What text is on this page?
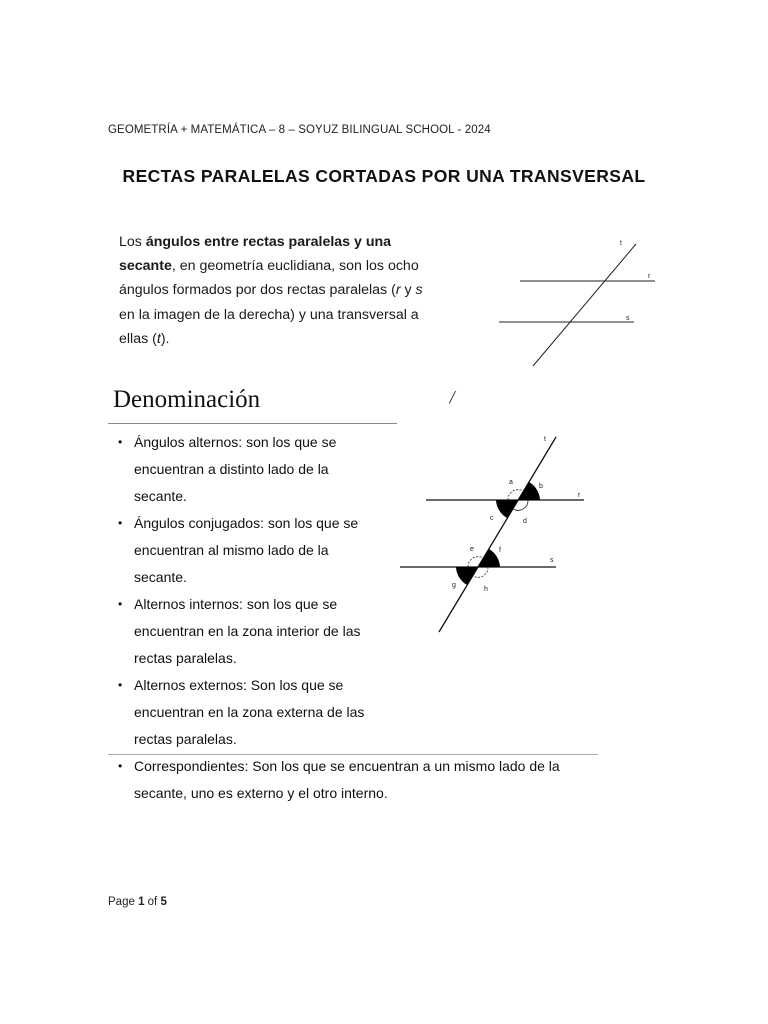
GEOMETRÍA + MATEMÁTICA – 8 – SOYUZ BILINGUAL SCHOOL - 2024
RECTAS PARALELAS CORTADAS POR UNA TRANSVERSAL
Los ángulos entre rectas paralelas y una secante, en geometría euclidiana, son los ocho ángulos formados por dos rectas paralelas (r y s en la imagen de la derecha) y una transversal a ellas (t).
t
r
s
/
t
r
s
a
b
c	d
e	f
g
h
Denominación
• Ángulos alternos: son los que se encuentran a distinto lado de la secante.
• Ángulos conjugados: son los que se encuentran al mismo lado de la secante.
• Alternos internos: son los que se encuentran en la zona interior de las rectas paralelas.
• Alternos externos: Son los que se encuentran en la zona externa de las rectas paralelas.
• Correspondientes: Son los que se encuentran a un mismo lado de la secante, uno es externo y el otro interno.
Page 1 of 5
